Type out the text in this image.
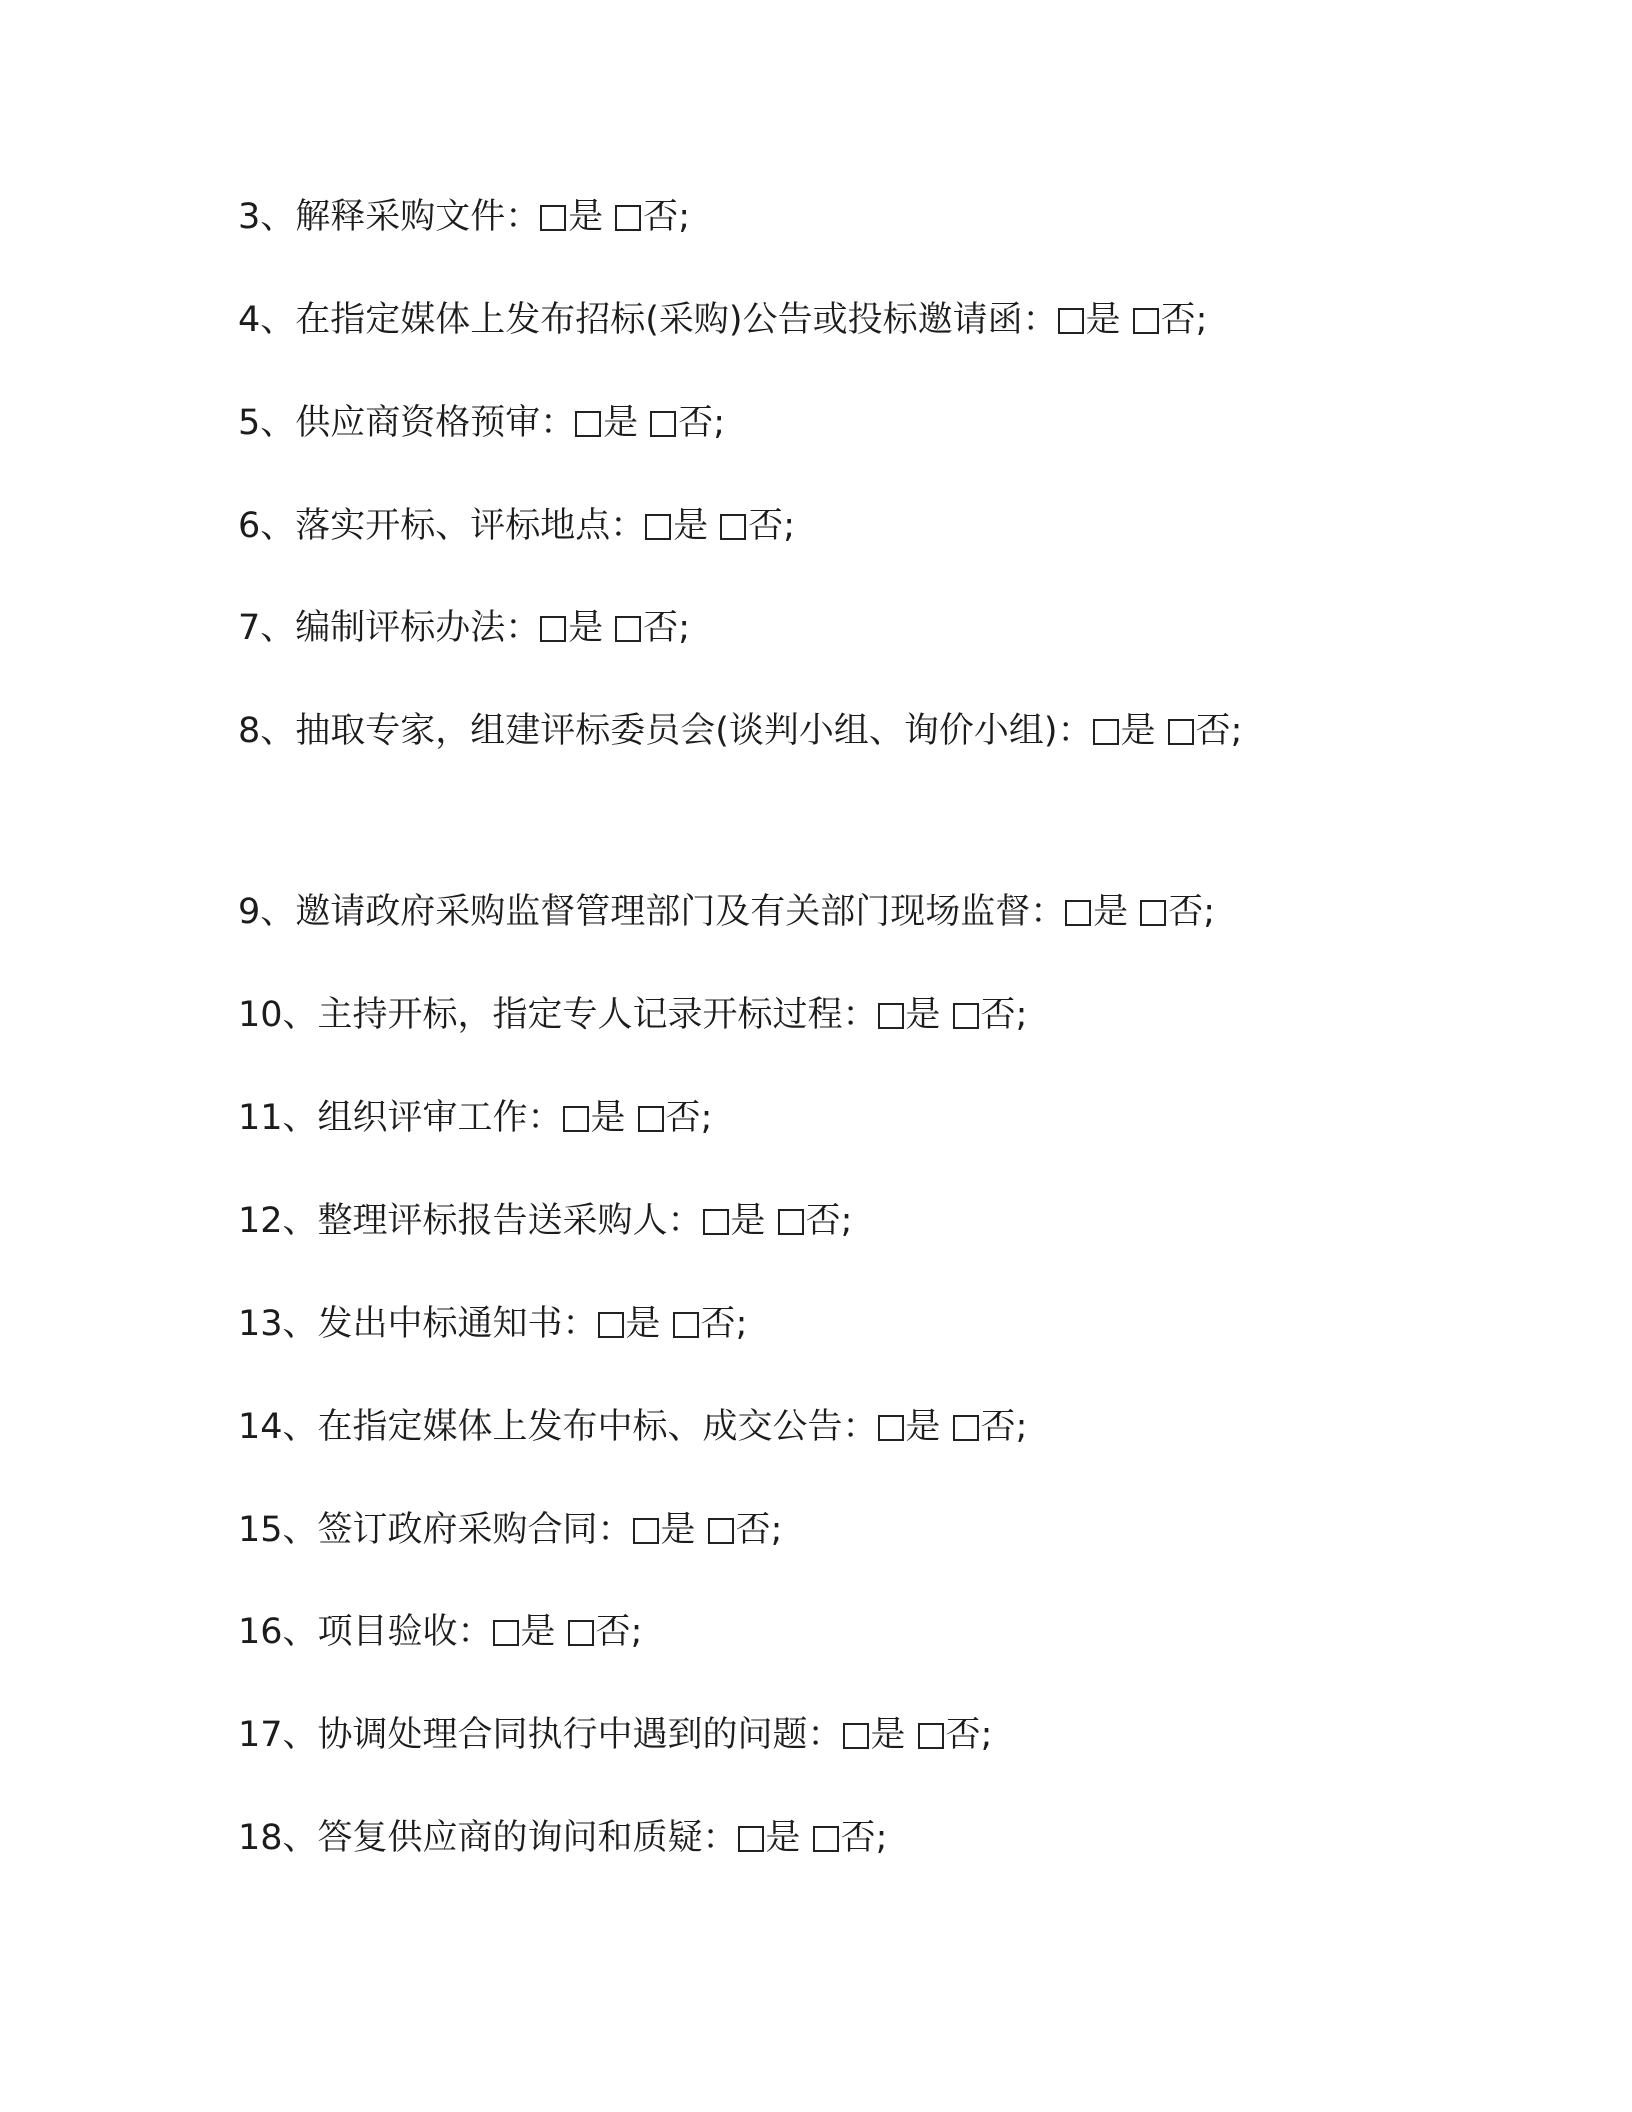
3、解释采购文件： 是 否;
4、在指定媒体上发布招标(采购)公告或投标邀请函： 是 否;
5、供应商资格预审： 是 否;
6、落实开标、评标地点： 是 否;
7、编制评标办法： 是 否;
8、抽取专家，组建评标委员会(谈判小组、询价小组)： 是 否;
9、邀请政府采购监督管理部门及有关部门现场监督： 是 否;
10、主持开标，指定专人记录开标过程： 是 否;
11、组织评审工作： 是 否;
12、整理评标报告送采购人： 是 否;
13、发出中标通知书： 是 否;
14、在指定媒体上发布中标、成交公告： 是 否;
15、签订政府采购合同： 是 否;
16、项目验收： 是 否;
17、协调处理合同执行中遇到的问题： 是 否;
18、答复供应商的询问和质疑： 是 否;
